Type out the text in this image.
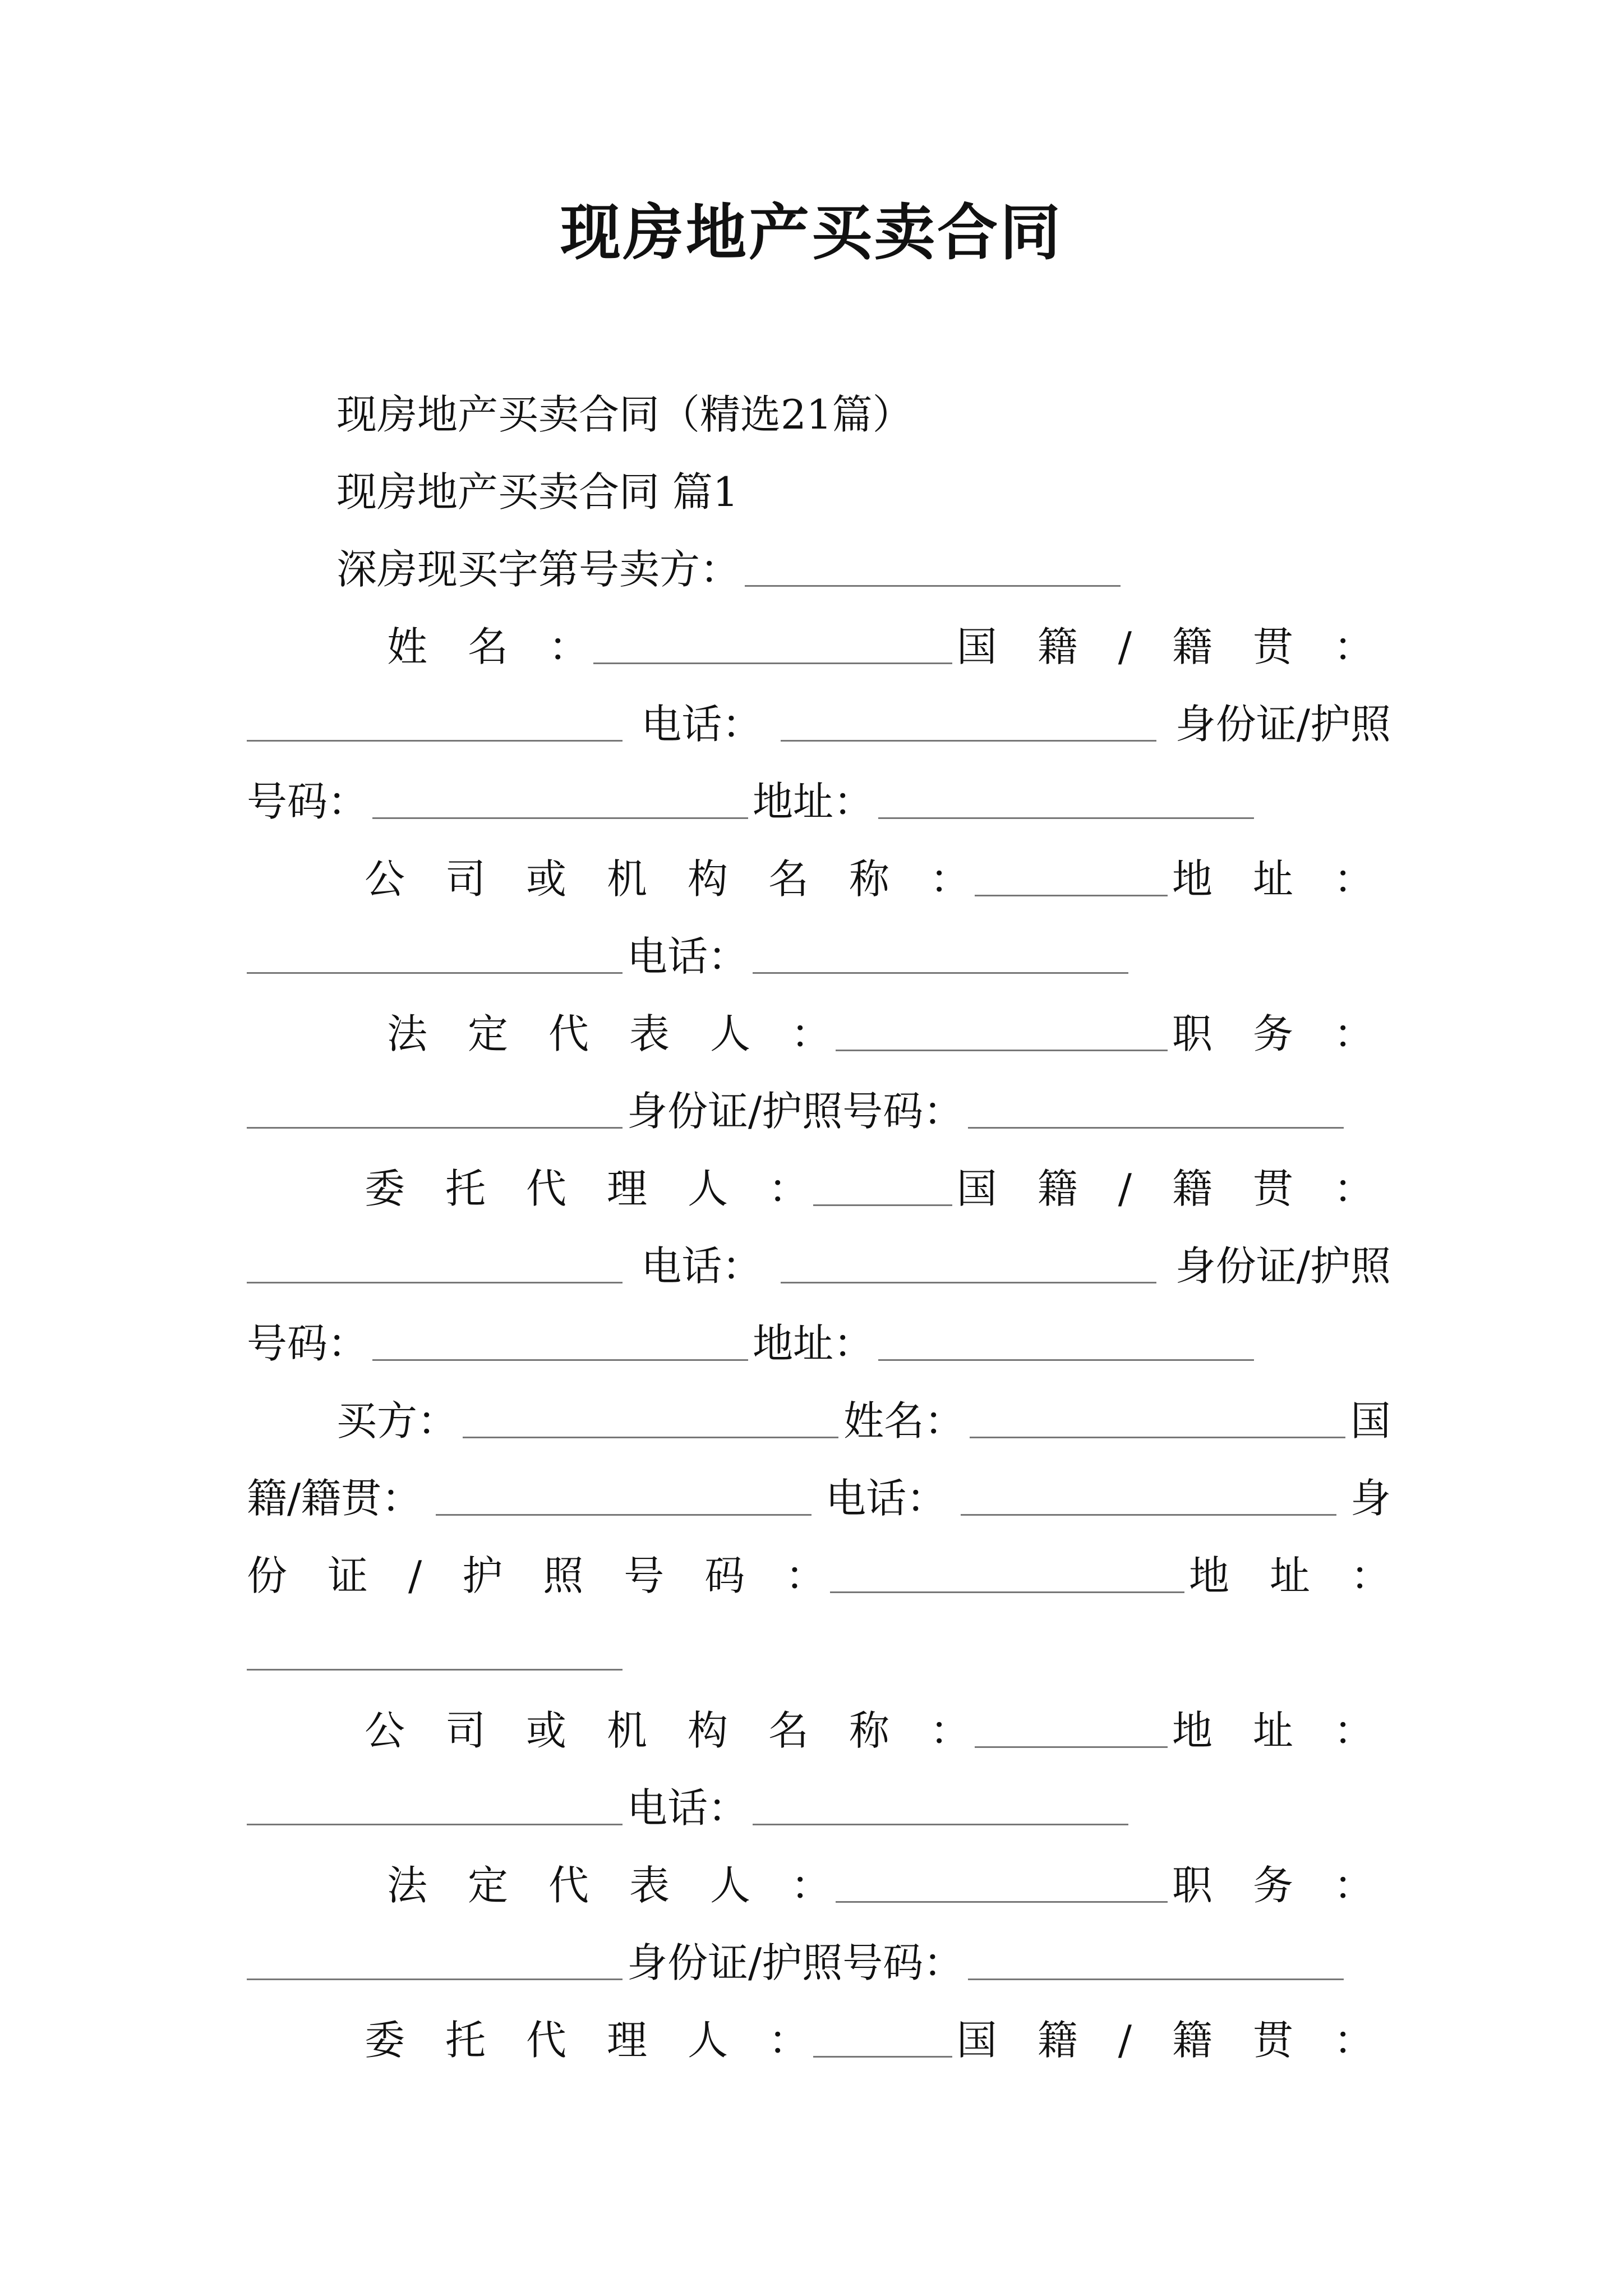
现房地产买卖合同
现房地产买卖合同（精选21篇）
现房地产买卖合同 篇1
深房现买字第号卖方：
姓　名　：	国　籍　/　籍　贯　：
电话：	身份证/护照
号码：	地址：
公　司　或　机　构　名　称　：	地　址　：
电话：
法　定　代　表　人　：	职　务　：
身份证/护照号码：
委　托　代　理　人　：	国　籍　/　籍　贯　：
电话：	身份证/护照
号码：	地址：
买方：	姓名：	国
籍/籍贯：	电话：	身
份　证　/　护　照　号　码　：	地　址　：
公　司　或　机　构　名　称　：	地　址　：
电话：
法　定　代　表　人　：	职　务　：
身份证/护照号码：
委　托　代　理　人　：	国　籍　/　籍　贯　：
